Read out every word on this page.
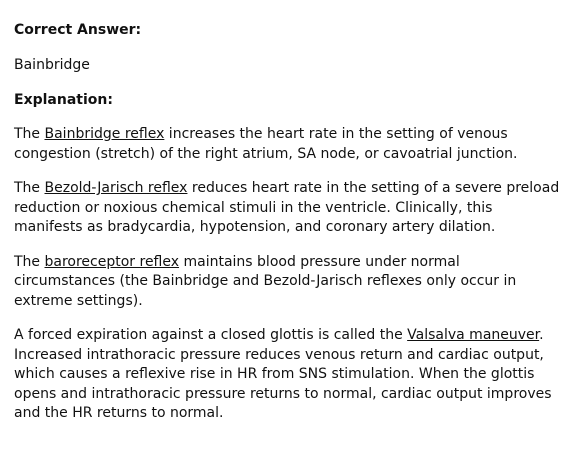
Correct Answer:
Bainbridge
Explanation:

The Bainbridge reflex increases the heart rate in the setting of venous congestion (stretch) of the right atrium, SA node, or cavoatrial junction.

The Bezold-Jarisch reflex reduces heart rate in the setting of a severe preload reduction or noxious chemical stimuli in the ventricle. Clinically, this manifests as bradycardia, hypotension, and coronary artery dilation.

The baroreceptor reflex maintains blood pressure under normal circumstances (the Bainbridge and Bezold-Jarisch reflexes only occur in extreme settings).

A forced expiration against a closed glottis is called the Valsalva maneuver. Increased intrathoracic pressure reduces venous return and cardiac output, which causes a reflexive rise in HR from SNS stimulation. When the glottis opens and intrathoracic pressure returns to normal, cardiac output improves and the HR returns to normal.
